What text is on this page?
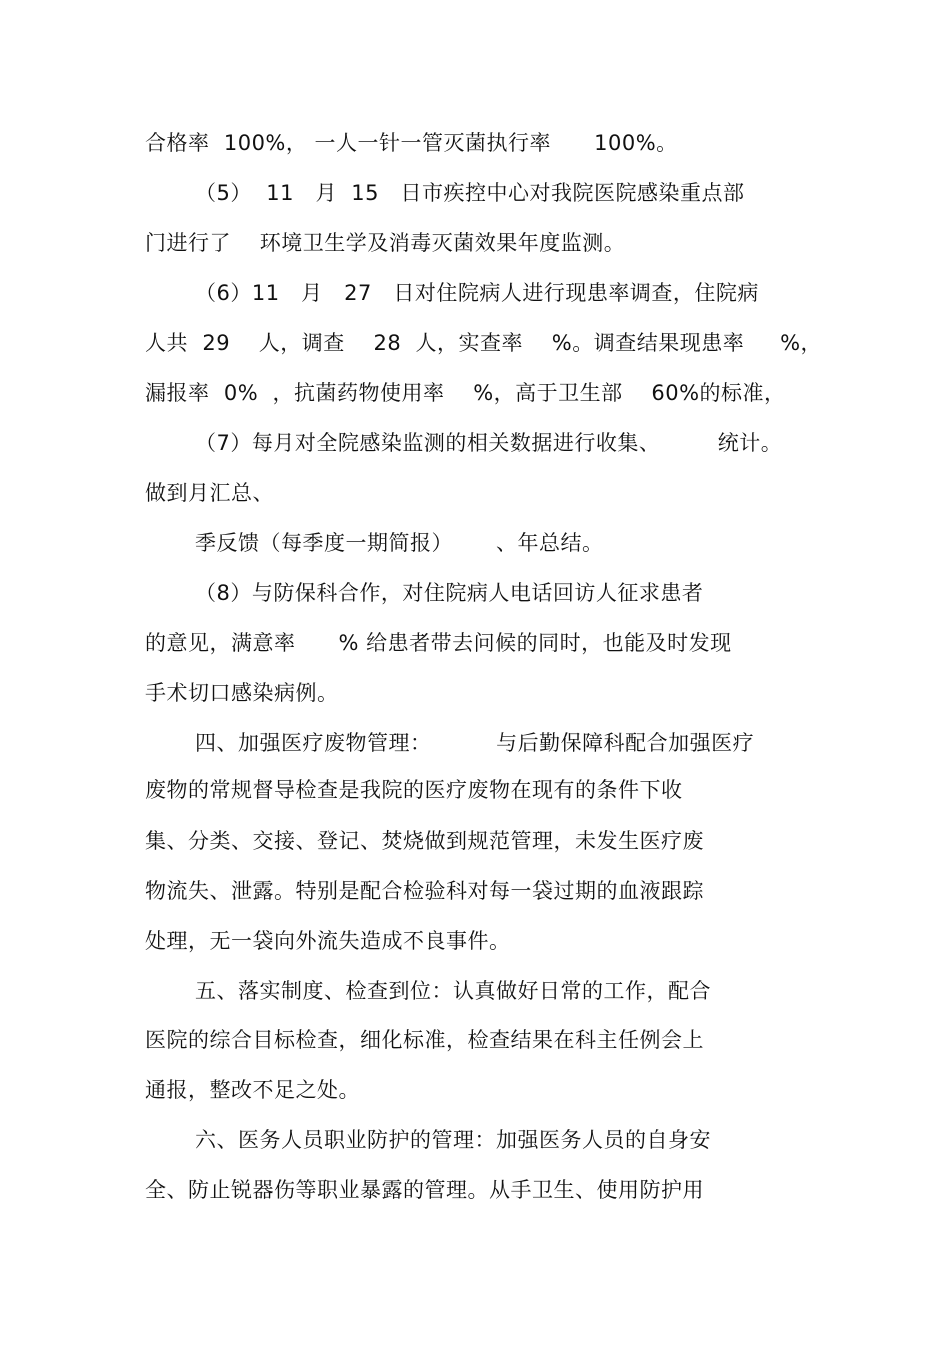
合格率  100%， 一人一针一管灭菌执行率      100%。
（5）  11   月  15   日市疾控中心对我院医院感染重点部
门进行了    环境卫生学及消毒灭菌效果年度监测。
（6）11   月   27   日对住院病人进行现患率调查，住院病
人共  29    人，调查    28  人，实查率    %。调查结果现患率     %，
漏报率  0%  ，抗菌药物使用率    %，高于卫生部    60%的标准，
（7）每月对全院感染监测的相关数据进行收集、        统计。
做到月汇总、
季反馈（每季度一期简报）      、年总结。
（8）与防保科合作，对住院病人电话回访人征求患者
的意见，满意率      % 给患者带去问候的同时，也能及时发现
手术切口感染病例。
四、加强医疗废物管理：         与后勤保障科配合加强医疗
废物的常规督导检查是我院的医疗废物在现有的条件下收
集、分类、交接、登记、焚烧做到规范管理，未发生医疗废
物流失、泄露。特别是配合检验科对每一袋过期的血液跟踪
处理，无一袋向外流失造成不良事件。
五、落实制度、检查到位：认真做好日常的工作，配合
医院的综合目标检查，细化标准，检查结果在科主任例会上
通报，整改不足之处。
六、医务人员职业防护的管理：加强医务人员的自身安
全、防止锐器伤等职业暴露的管理。从手卫生、使用防护用
